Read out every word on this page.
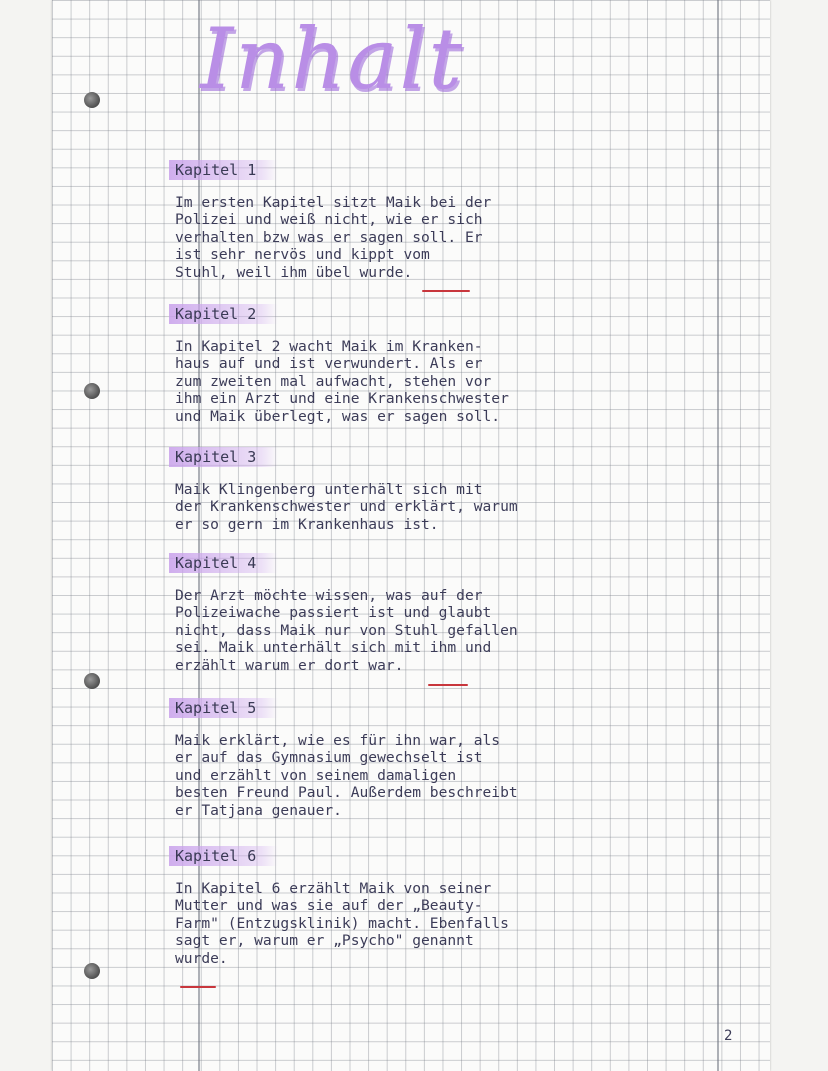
Inhalt
Kapitel 1
Im ersten Kapitel sitzt Maik bei der
Polizei und weiß nicht, wie er sich
verhalten bzw was er sagen soll. Er
ist sehr nervös und kippt vom
Stuhl, weil ihm übel wurde.
Kapitel 2
In Kapitel 2 wacht Maik im Kranken-
haus auf und ist verwundert. Als er
zum zweiten mal aufwacht, stehen vor
ihm ein Arzt und eine Krankenschwester
und Maik überlegt, was er sagen soll.
Kapitel 3
Maik Klingenberg unterhält sich mit
der Krankenschwester und erklärt, warum
er so gern im Krankenhaus ist.
Kapitel 4
Der Arzt möchte wissen, was auf der
Polizeiwache passiert ist und glaubt
nicht, dass Maik nur von Stuhl gefallen
sei. Maik unterhält sich mit ihm und
erzählt warum er dort war.
Kapitel 5
Maik erklärt, wie es für ihn war, als
er auf das Gymnasium gewechselt ist
und erzählt von seinem damaligen
besten Freund Paul. Außerdem beschreibt
er Tatjana genauer.
Kapitel 6
In Kapitel 6 erzählt Maik von seiner
Mutter und was sie auf der „Beauty-
Farm" (Entzugsklinik) macht. Ebenfalls
sagt er, warum er „Psycho" genannt
wurde.
2
